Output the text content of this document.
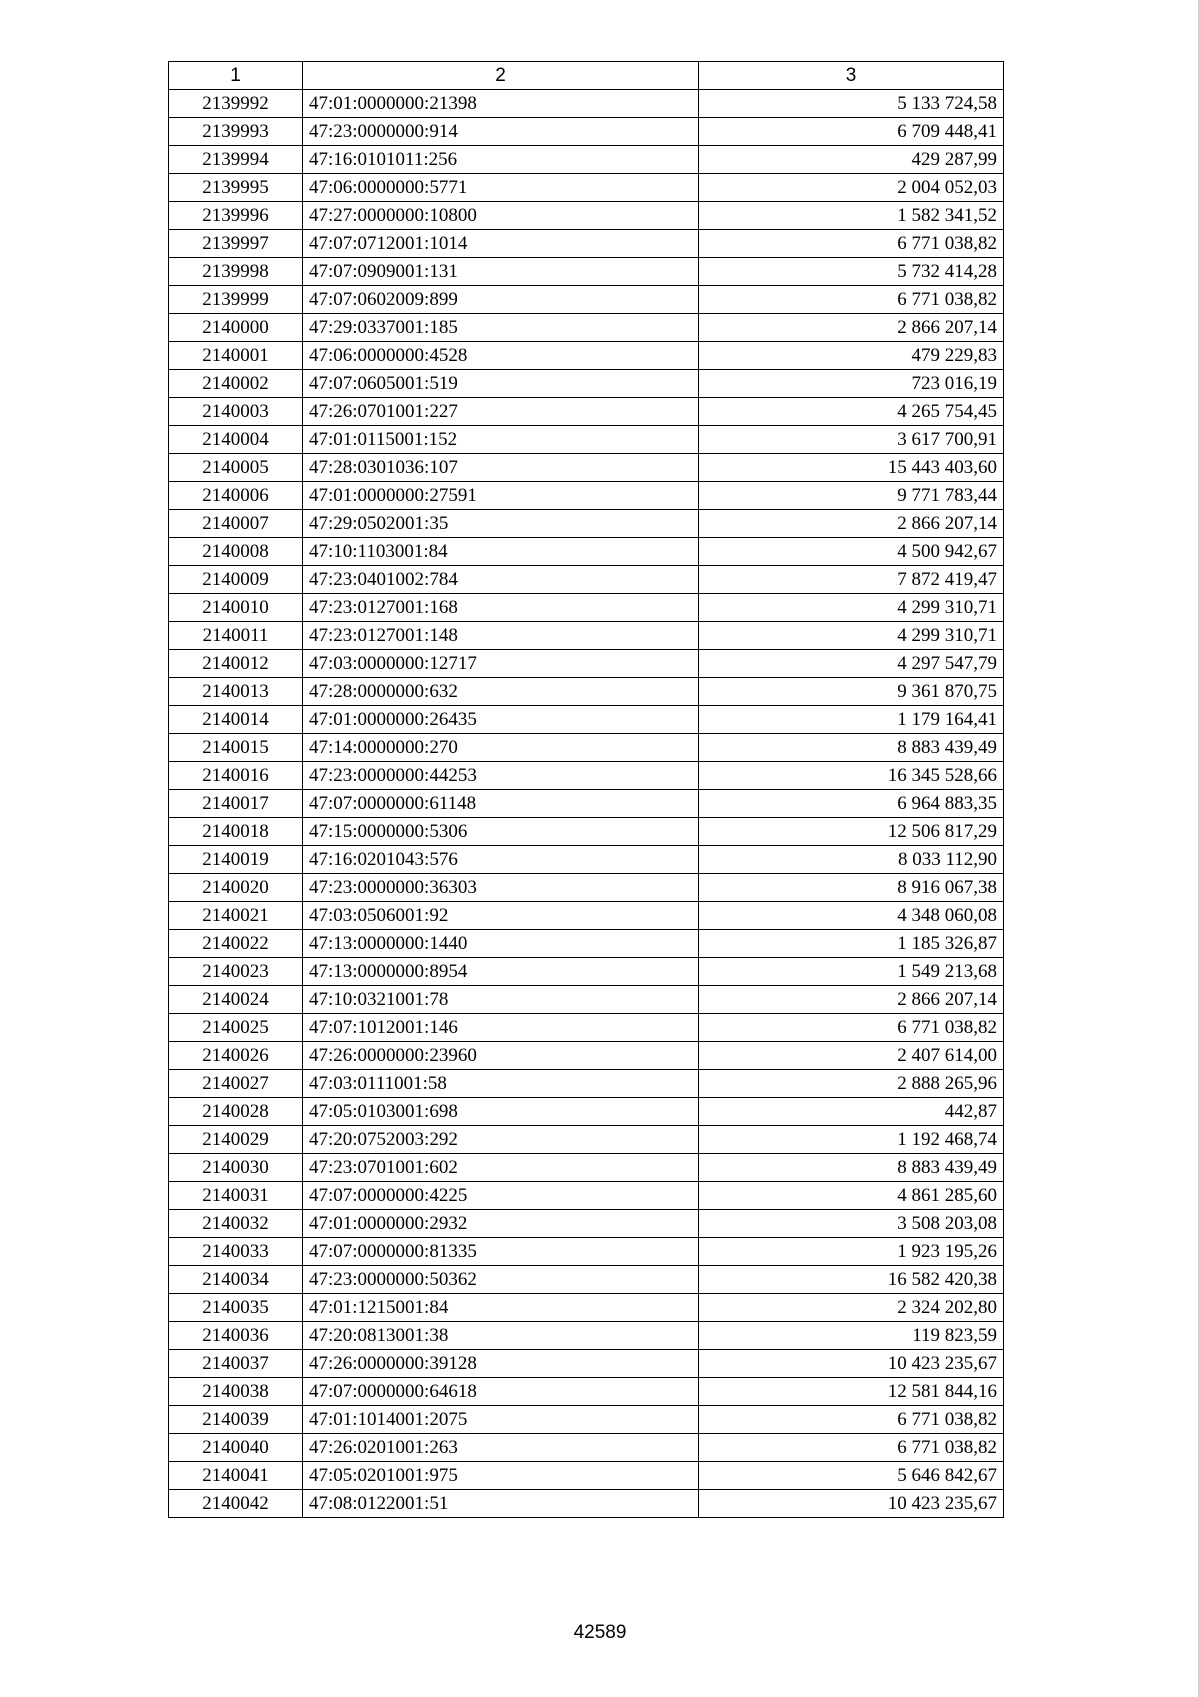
1	2	3
2139992	47:01:0000000:21398	5 133 724,58
2139993	47:23:0000000:914	6 709 448,41
2139994	47:16:0101011:256	429 287,99
2139995	47:06:0000000:5771	2 004 052,03
2139996	47:27:0000000:10800	1 582 341,52
2139997	47:07:0712001:1014	6 771 038,82
2139998	47:07:0909001:131	5 732 414,28
2139999	47:07:0602009:899	6 771 038,82
2140000	47:29:0337001:185	2 866 207,14
2140001	47:06:0000000:4528	479 229,83
2140002	47:07:0605001:519	723 016,19
2140003	47:26:0701001:227	4 265 754,45
2140004	47:01:0115001:152	3 617 700,91
2140005	47:28:0301036:107	15 443 403,60
2140006	47:01:0000000:27591	9 771 783,44
2140007	47:29:0502001:35	2 866 207,14
2140008	47:10:1103001:84	4 500 942,67
2140009	47:23:0401002:784	7 872 419,47
2140010	47:23:0127001:168	4 299 310,71
2140011	47:23:0127001:148	4 299 310,71
2140012	47:03:0000000:12717	4 297 547,79
2140013	47:28:0000000:632	9 361 870,75
2140014	47:01:0000000:26435	1 179 164,41
2140015	47:14:0000000:270	8 883 439,49
2140016	47:23:0000000:44253	16 345 528,66
2140017	47:07:0000000:61148	6 964 883,35
2140018	47:15:0000000:5306	12 506 817,29
2140019	47:16:0201043:576	8 033 112,90
2140020	47:23:0000000:36303	8 916 067,38
2140021	47:03:0506001:92	4 348 060,08
2140022	47:13:0000000:1440	1 185 326,87
2140023	47:13:0000000:8954	1 549 213,68
2140024	47:10:0321001:78	2 866 207,14
2140025	47:07:1012001:146	6 771 038,82
2140026	47:26:0000000:23960	2 407 614,00
2140027	47:03:0111001:58	2 888 265,96
2140028	47:05:0103001:698	442,87
2140029	47:20:0752003:292	1 192 468,74
2140030	47:23:0701001:602	8 883 439,49
2140031	47:07:0000000:4225	4 861 285,60
2140032	47:01:0000000:2932	3 508 203,08
2140033	47:07:0000000:81335	1 923 195,26
2140034	47:23:0000000:50362	16 582 420,38
2140035	47:01:1215001:84	2 324 202,80
2140036	47:20:0813001:38	119 823,59
2140037	47:26:0000000:39128	10 423 235,67
2140038	47:07:0000000:64618	12 581 844,16
2140039	47:01:1014001:2075	6 771 038,82
2140040	47:26:0201001:263	6 771 038,82
2140041	47:05:0201001:975	5 646 842,67
2140042	47:08:0122001:51	10 423 235,67
42589
